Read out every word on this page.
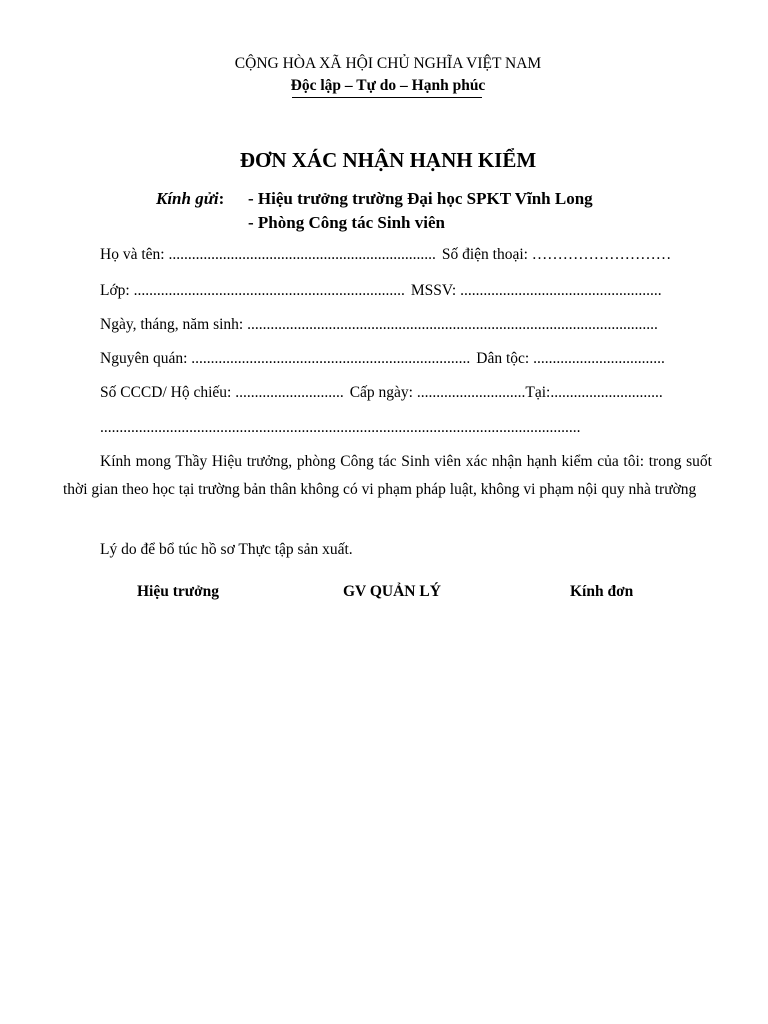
CỘNG HÒA XÃ HỘI CHỦ NGHĨA VIỆT NAM
Độc lập – Tự do – Hạnh phúc
ĐƠN XÁC NHẬN HẠNH KIỂM
Kính gửi: - Hiệu trưởng trường Đại học SPKT Vĩnh Long
- Phòng Công tác Sinh viên
Họ và tên: ..................................................................... Số điện thoại: ………………………
Lớp: ...................................................................... MSSV: ....................................................
Ngày, tháng, năm sinh: ..........................................................................................................
Nguyên quán: ........................................................................ Dân tộc: ..................................
Số CCCD/ Hộ chiếu: ............................ Cấp ngày: ............................Tại:.............................
............................................................................................................................
Kính mong Thầy Hiệu trưởng, phòng Công tác Sinh viên xác nhận hạnh kiểm của tôi: trong suốt thời gian theo học tại trường bản thân không có vi phạm pháp luật, không vi phạm nội quy nhà trường
Lý do để bổ túc hồ sơ Thực tập sản xuất.
Hiệu trưởng	GV QUẢN LÝ	Kính đơn
